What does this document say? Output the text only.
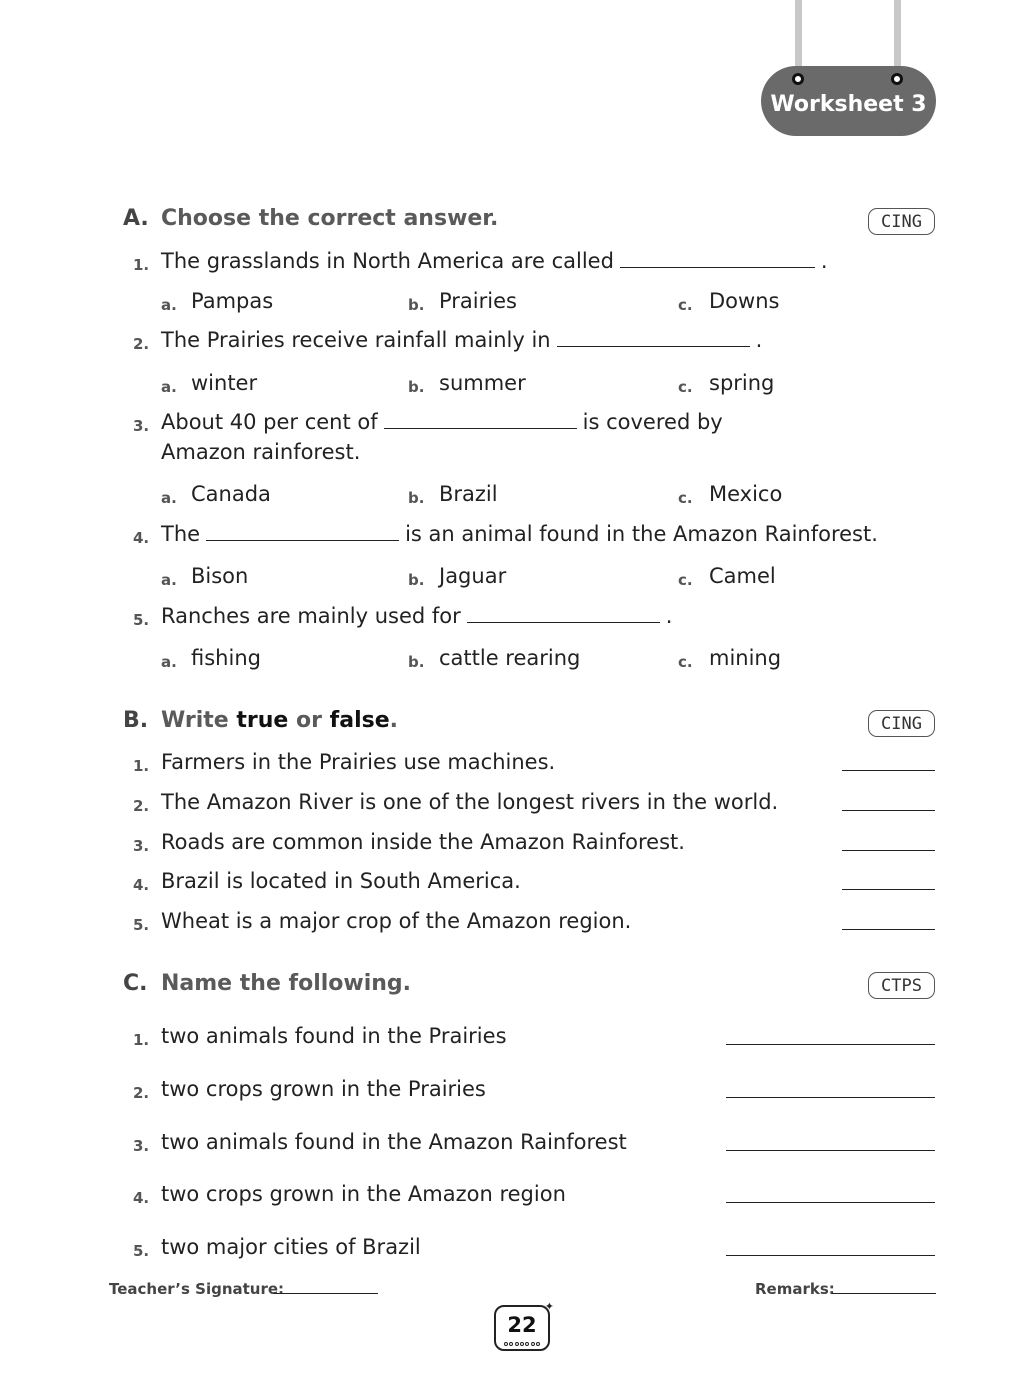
Worksheet 3
A. Choose the correct answer.	CING
1. The grasslands in North America are called	.
a. Pampas	b. Prairies	c. Downs
2. The Prairies receive rainfall mainly in	.
a. winter	b. summer	c. spring
3. About 40 per cent of	is covered by
Amazon rainforest.
a. Canada	b. Brazil	c. Mexico
4. The	is an animal found in the Amazon Rainforest.
a. Bison	b. Jaguar	c. Camel
5. Ranches are mainly used for	.
a. fishing	b. cattle rearing	c. mining
B. Write true or false.	CING
1. Farmers in the Prairies use machines.
2. The Amazon River is one of the longest rivers in the world.
3. Roads are common inside the Amazon Rainforest.
4. Brazil is located in South America.
5. Wheat is a major crop of the Amazon region.
C. Name the following.	CTPS
1. two animals found in the Prairies
2. two crops grown in the Prairies
3. two animals found in the Amazon Rainforest
4. two crops grown in the Amazon region
5. two major cities of Brazil
Teacher’s Signature:	Remarks:
22
✦
